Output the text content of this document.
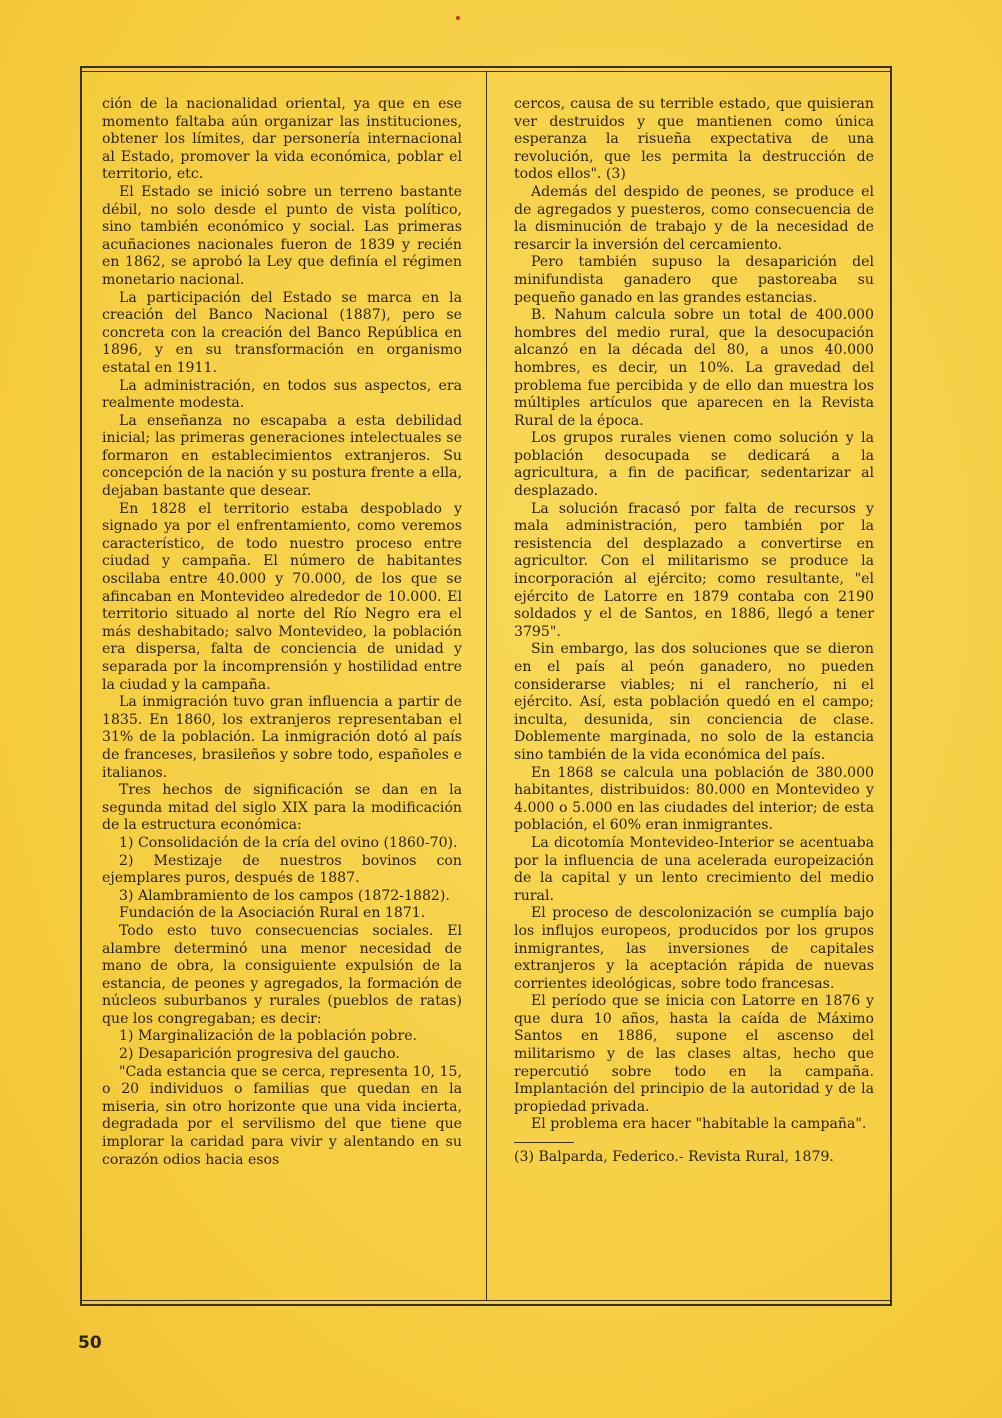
ción de la nacionalidad oriental, ya que en ese momento faltaba aún organizar las instituciones, obtener los límites, dar personería internacional al Estado, promover la vida económica, poblar el territorio, etc.

El Estado se inició sobre un terreno bastante débil, no solo desde el punto de vista político, sino también económico y social. Las primeras acuñaciones nacionales fueron de 1839 y recién en 1862, se aprobó la Ley que definía el régimen monetario nacional.

La participación del Estado se marca en la creación del Banco Nacional (1887), pero se concreta con la creación del Banco República en 1896, y en su transformación en organismo estatal en 1911.

La administración, en todos sus aspectos, era realmente modesta.

La enseñanza no escapaba a esta debilidad inicial; las primeras generaciones intelectuales se formaron en establecimientos extranjeros. Su concepción de la nación y su postura frente a ella, dejaban bastante que desear.

En 1828 el territorio estaba despoblado y signado ya por el enfrentamiento, como veremos característico, de todo nuestro proceso entre ciudad y campaña. El número de habitantes oscilaba entre 40.000 y 70.000, de los que se afincaban en Montevideo alrededor de 10.000. El territorio situado al norte del Río Negro era el más deshabitado; salvo Montevideo, la población era dispersa, falta de conciencia de unidad y separada por la incomprensión y hostilidad entre la ciudad y la campaña.

La inmigración tuvo gran influencia a partir de 1835. En 1860, los extranjeros representaban el 31% de la población. La inmigración dotó al país de franceses, brasileños y sobre todo, españoles e italianos.

Tres hechos de significación se dan en la segunda mitad del siglo XIX para la modificación de la estructura económica:

1) Consolidación de la cría del ovino (1860-70).

2) Mestizaje de nuestros bovinos con ejemplares puros, después de 1887.

3) Alambramiento de los campos (1872-1882).

Fundación de la Asociación Rural en 1871.

Todo esto tuvo consecuencias sociales. El alambre determinó una menor necesidad de mano de obra, la consiguiente expulsión de la estancia, de peones y agregados, la formación de núcleos suburbanos y rurales (pueblos de ratas) que los congregaban; es decir:

1) Marginalización de la población pobre.

2) Desaparición progresiva del gaucho.

"Cada estancia que se cerca, representa 10, 15, o 20 individuos o familias que quedan en la miseria, sin otro horizonte que una vida incierta, degradada por el servilismo del que tiene que implorar la caridad para vivir y alentando en su corazón odios hacia esos

cercos, causa de su terrible estado, que quisieran ver destruidos y que mantienen como única esperanza la risueña expectativa de una revolución, que les permita la destrucción de todos ellos". (3)

Además del despido de peones, se produce el de agregados y puesteros, como consecuencia de la disminución de trabajo y de la necesidad de resarcir la inversión del cercamiento.

Pero también supuso la desaparición del minifundista ganadero que pastoreaba su pequeño ganado en las grandes estancias.

B. Nahum calcula sobre un total de 400.000 hombres del medio rural, que la desocupación alcanzó en la década del 80, a unos 40.000 hombres, es decir, un 10%. La gravedad del problema fue percibida y de ello dan muestra los múltiples artículos que aparecen en la Revista Rural de la época.

Los grupos rurales vienen como solución y la población desocupada se dedicará a la agricultura, a fin de pacificar, sedentarizar al desplazado.

La solución fracasó por falta de recursos y mala administración, pero también por la resistencia del desplazado a convertirse en agricultor. Con el militarismo se produce la incorporación al ejército; como resultante, "el ejército de Latorre en 1879 contaba con 2190 soldados y el de Santos, en 1886, llegó a tener 3795".

Sin embargo, las dos soluciones que se dieron en el país al peón ganadero, no pueden considerarse viables; ni el rancherío, ni el ejército. Así, esta población quedó en el campo; inculta, desunida, sin conciencia de clase. Doblemente marginada, no solo de la estancia sino también de la vida económica del país.

En 1868 se calcula una población de 380.000 habitantes, distribuidos: 80.000 en Montevideo y 4.000 o 5.000 en las ciudades del interior; de esta población, el 60% eran inmigrantes.

La dicotomía Montevideo-Interior se acentuaba por la influencia de una acelerada europeización de la capital y un lento crecimiento del medio rural.

El proceso de descolonización se cumplía bajo los influjos europeos, producidos por los grupos inmigrantes, las inversiones de capitales extranjeros y la aceptación rápida de nuevas corrientes ideológicas, sobre todo francesas.

El período que se inicia con Latorre en 1876 y que dura 10 años, hasta la caída de Máximo Santos en 1886, supone el ascenso del militarismo y de las clases altas, hecho que repercutió sobre todo en la campaña. Implantación del principio de la autoridad y de la propiedad privada.

El problema era hacer "habitable la campaña".

(3) Balparda, Federico.- Revista Rural, 1879.

50
